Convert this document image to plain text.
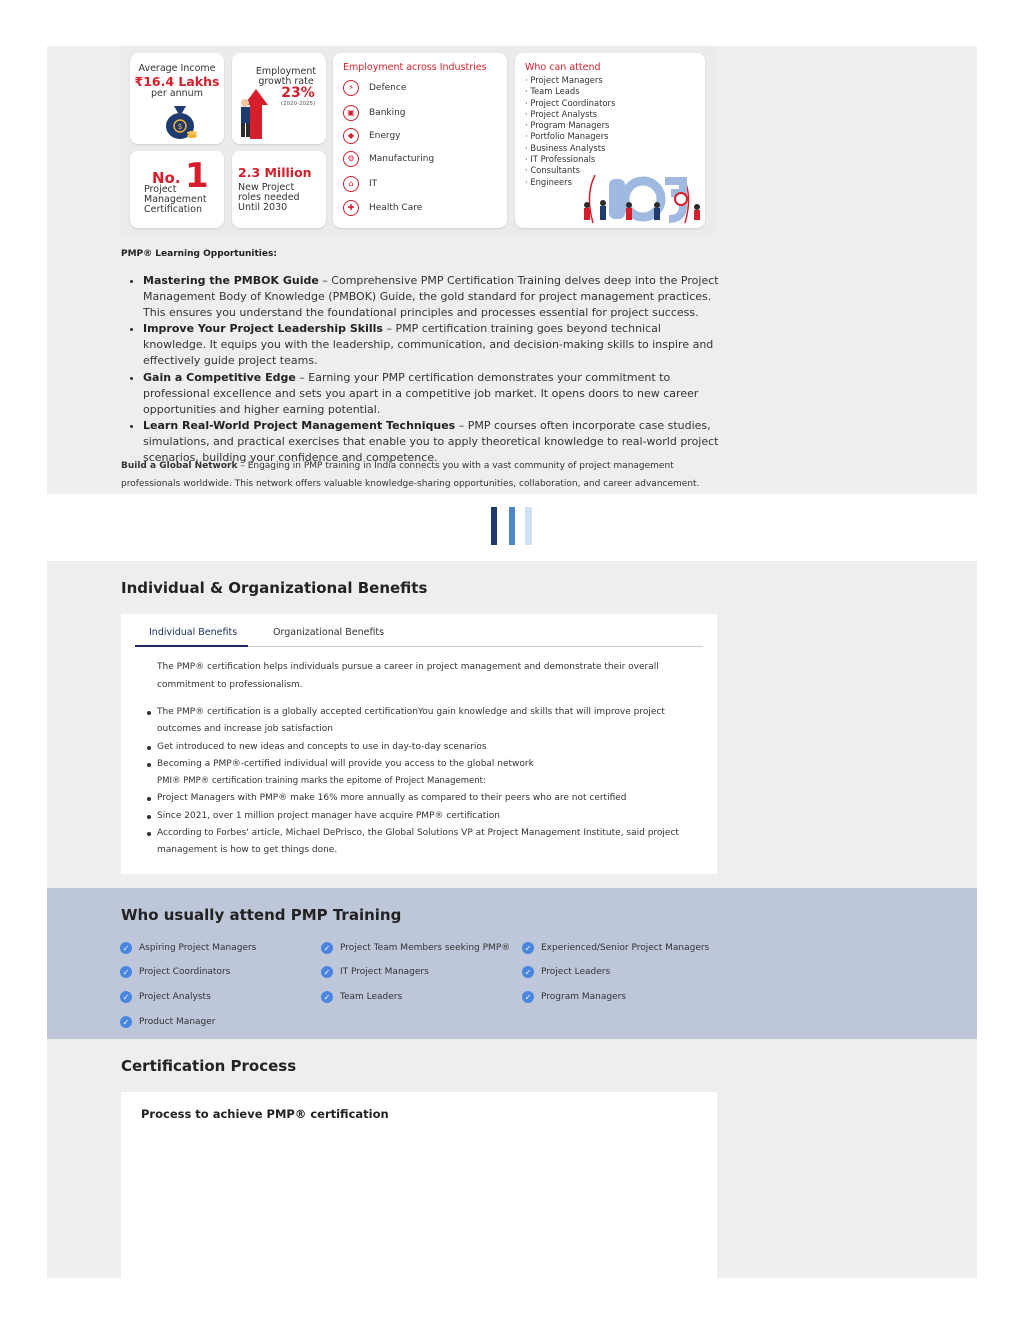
Average Income
₹16.4 Lakhs
per annum
$
Employment
growth rate
23%
(2020-2025)
No. 1
Project
Management
Certification
2.3 Million
New Project
roles needed
Until 2030
Employment across Industries
⚡	Defence
▣	Banking
◆	Energy
⚙	Manufacturing
⌂	IT
✚	Health Care
Who can attend
· Project Managers
· Team Leads
· Project Coordinators
· Project Analysts
· Program Managers
· Portfolio Managers
· Business Analysts
· IT Professionals
· Consultants
· Engineers
PMP® Learning Opportunities:
• Mastering the PMBOK Guide – Comprehensive PMP Certification Training delves deep into the Project Management Body of Knowledge (PMBOK) Guide, the gold standard for project management practices. This ensures you understand the foundational principles and processes essential for project success.
• Improve Your Project Leadership Skills – PMP certification training goes beyond technical knowledge. It equips you with the leadership, communication, and decision-making skills to inspire and effectively guide project teams.
• Gain a Competitive Edge – Earning your PMP certification demonstrates your commitment to professional excellence and sets you apart in a competitive job market. It opens doors to new career opportunities and higher earning potential.
• Learn Real-World Project Management Techniques – PMP courses often incorporate case studies, simulations, and practical exercises that enable you to apply theoretical knowledge to real-world project scenarios, building your confidence and competence.
Build a Global Network – Engaging in PMP training in India connects you with a vast community of project management professionals worldwide. This network offers valuable knowledge-sharing opportunities, collaboration, and career advancement.
Individual & Organizational Benefits
Individual Benefits	Organizational Benefits
The PMP® certification helps individuals pursue a career in project management and demonstrate their overall commitment to professionalism.
The PMP® certification is a globally accepted certificationYou gain knowledge and skills that will improve project outcomes and increase job satisfaction
Get introduced to new ideas and concepts to use in day-to-day scenarios
Becoming a PMP®-certified individual will provide you access to the global network
PMI® PMP® certification training marks the epitome of Project Management:
Project Managers with PMP® make 16% more annually as compared to their peers who are not certified
Since 2021, over 1 million project manager have acquire PMP® certification
According to Forbes' article, Michael DePrisco, the Global Solutions VP at Project Management Institute, said project management is how to get things done.
Who usually attend PMP Training
✓ Aspiring Project Managers	✓ Project Team Members seeking PMP®	✓ Experienced/Senior Project Managers
✓ Project Coordinators	✓ IT Project Managers	✓ Project Leaders
✓ Project Analysts	✓ Team Leaders	✓ Program Managers
✓ Product Manager
Certification Process
Process to achieve PMP® certification
